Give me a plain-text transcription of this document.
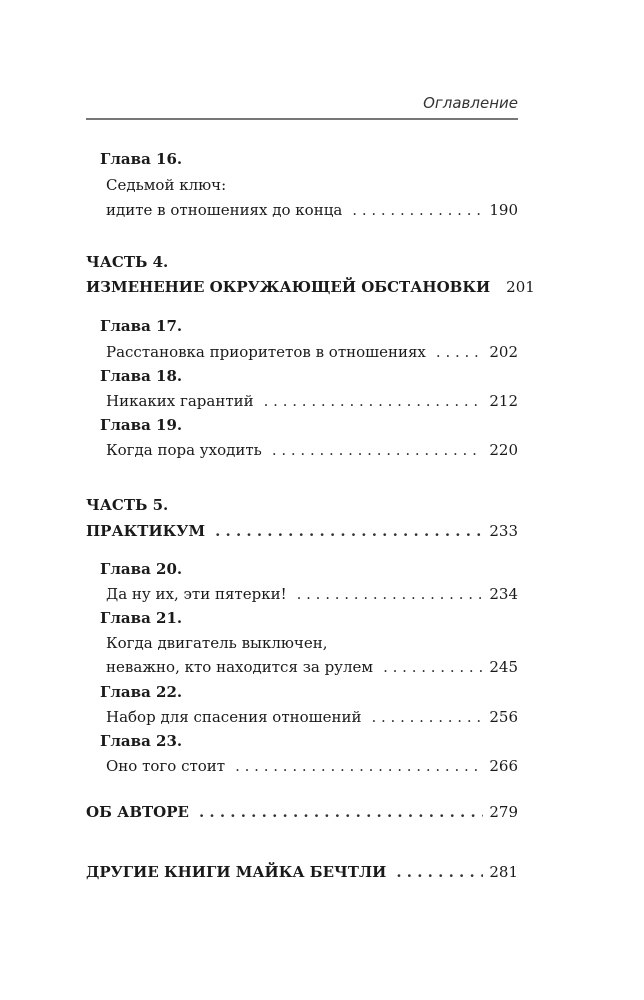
Оглавление
Глава 16.
Седьмой ключ:
идите в отношениях до конца . . .	190
ЧАСТЬ 4.
ИЗМЕНЕНИЕ ОКРУЖАЮЩЕЙ ОБСТАНОВКИ 201
Глава 17.
Расстановка приоритетов в отношениях . . .	202
Глава 18.
Никаких гарантий . . .	212
Глава 19.
Когда пора уходить . . .	220
ЧАСТЬ 5.
ПРАКТИКУМ . . .	233
Глава 20.
Да ну их, эти пятерки! . . .	234
Глава 21.
Когда двигатель выключен,
неважно, кто находится за рулем . . .	245
Глава 22.
Набор для спасения отношений . . .	256
Глава 23.
Оно того стоит . . .	266
ОБ АВТОРЕ . . .	279
ДРУГИЕ КНИГИ МАЙКА БЕЧТЛИ . . .	281
